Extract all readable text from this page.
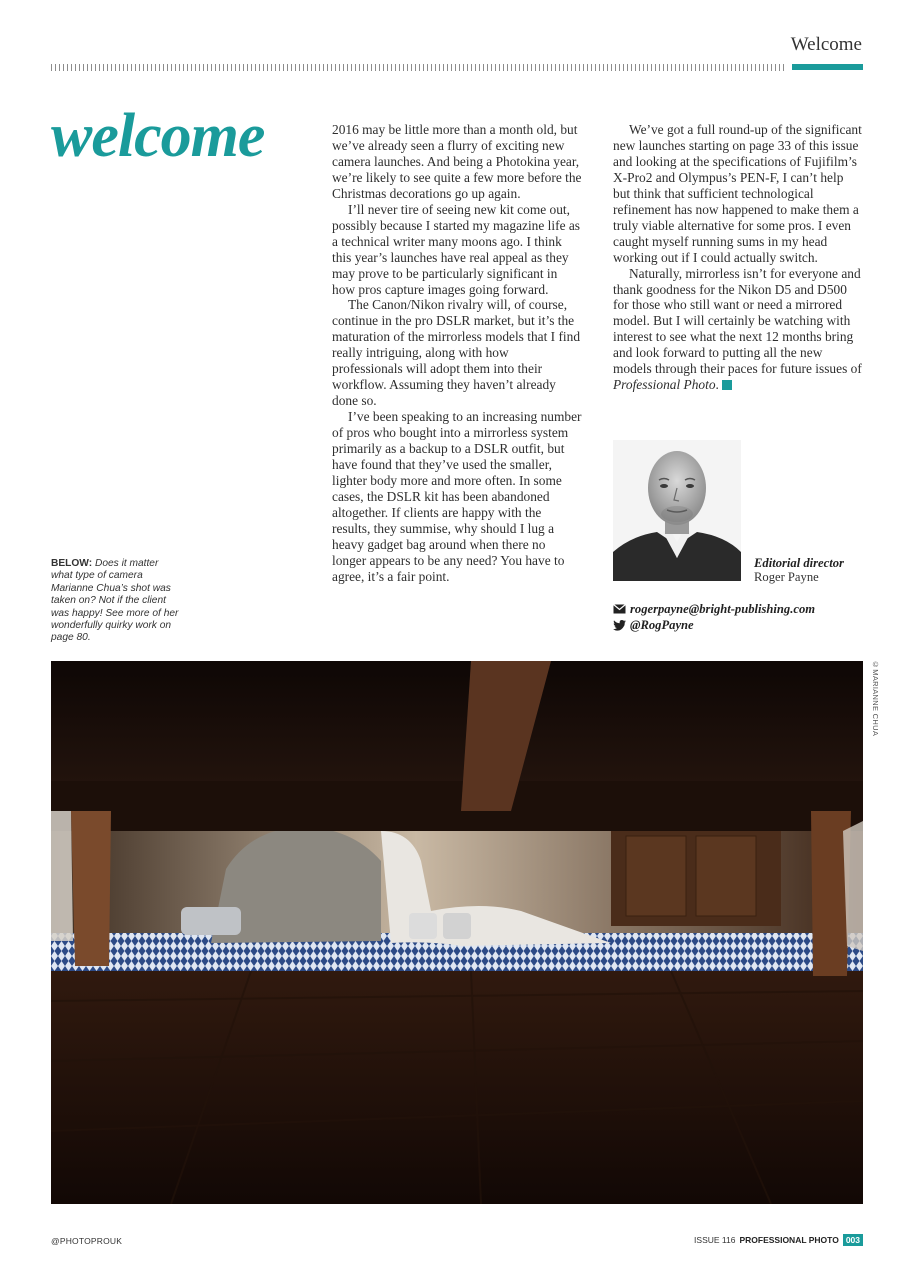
Welcome
welcome	2016 may be little more than a month old, but we’ve already seen a flurry of exciting new camera launches. And being a Photokina year, we’re likely to see quite a few more before the Christmas decorations go up again.

I’ll never tire of seeing new kit come out, possibly because I started my magazine life as a technical writer many moons ago. I think this year’s launches have real appeal as they may prove to be particularly significant in how pros capture images going forward.

The Canon/Nikon rivalry will, of course, continue in the pro DSLR market, but it’s the maturation of the mirrorless models that I find really intriguing, along with how professionals will adopt them into their workflow. Assuming they haven’t already done so.

I’ve been speaking to an increasing number of pros who bought into a mirrorless system primarily as a backup to a DSLR outfit, but have found that they’ve used the smaller, lighter body more and more often. In some cases, the DSLR kit has been abandoned altogether. If clients are happy with the results, they summise, why should I lug a heavy gadget bag around when there no longer appears to be any need? You have to agree, it’s a fair point.

We’ve got a full round-up of the significant new launches starting on page 33 of this issue and looking at the specifications of Fujifilm’s X-Pro2 and Olympus’s PEN-F, I can’t help but think that sufficient technological refinement has now happened to make them a truly viable alternative for some pros. I even caught myself running sums in my head working out if I could actually switch.

Naturally, mirrorless isn’t for everyone and thank goodness for the Nikon D5 and D500 for those who still want or need a mirrored model. But I will certainly be watching with interest to see what the next 12 months bring and look forward to putting all the new models through their paces for future issues of Professional Photo.

BELOW: Does it matter what type of camera Marianne Chua’s shot was taken on? Not if the client was happy! See more of her wonderfully quirky work on page 80.
Editorial director
Roger Payne
rogerpayne@bright-publishing.com
@RogPayne
©MARIANNE CHUA
@PHOTOPROUK	ISSUE 116 PROFESSIONAL PHOTO 003
